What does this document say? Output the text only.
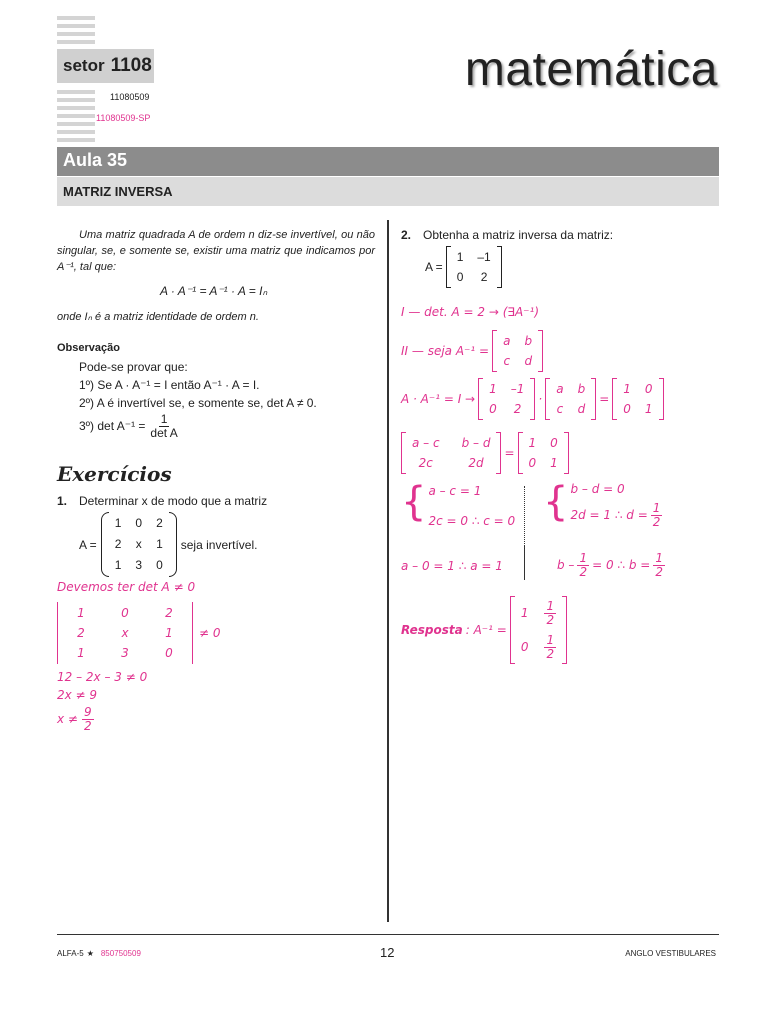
setor 1108
11080509
11080509-SP
matemática
Aula 35
MATRIZ INVERSA
Uma matriz quadrada A de ordem n diz-se invertível, ou não singular, se, e somente se, existir uma matriz que indicamos por A⁻¹, tal que:
A · A⁻¹ = A⁻¹ · A = Iₙ
onde Iₙ é a matriz identidade de ordem n.
Observação
Pode-se provar que:
1º) Se A · A⁻¹ = I então A⁻¹ · A = I.
2º) A é invertível se, e somente se, det A ≠ 0.
3º) $\det A^{-1} = \frac{1}{\text{det A}}$
Exercícios
1. Determinar x de modo que a matriz
A =
1 0 2
2 x 1
1 3 0
seja invertível.
Devemos ter det A ≠ 0
1	0	2
2	x	1
1	3	0
≠ 0
12 – 2x – 3 ≠ 0
2x ≠ 9
$x \ne \frac{9}{2}$
2. Obtenha a matriz inversa da matriz:
A =
1 –1
0 2
I — det. A = 2 → (∃A⁻¹)
II — seja A⁻¹ =
a b
c d
A · A⁻¹ = I →
1 –1
0 2
·
a b
c d
=
1 0
0 1
a – c b – d
2c	2d
=
1 0
0 1
{ a – c = 1
2c = 0 ∴ c = 0 { b – d = 0
2d = 1 ∴ $d = \frac{1}{2}$
a – 0 = 1 ∴ a = 1	$b - \frac{1}{2} = 0$ ∴ $b = \frac{1}{2}$
Resposta : A⁻¹ =
$1 \frac{1}{2}$
$0 \frac{1}{2}$
ALFA-5 ★ 850750509	12	ANGLO VESTIBULARES
